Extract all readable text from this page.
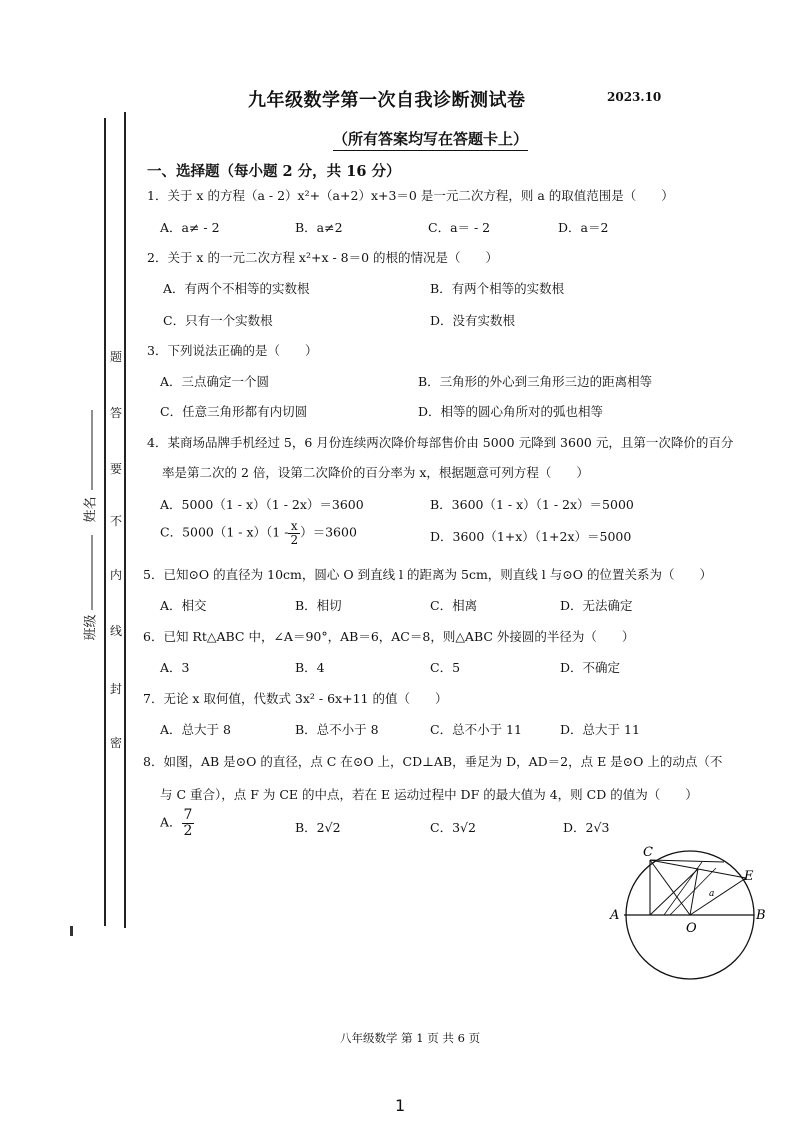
九年级数学第一次自我诊断测试卷	2023.10
（所有答案均写在答题卡上）
题
答
要
不
内
线
封
密
姓名
班级
一、选择题（每小题 2 分，共 16 分）
1．关于 x 的方程（a - 2）x²+（a+2）x+3＝0 是一元二次方程，则 a 的取值范围是（　　）
A．a≠ - 2	B．a≠2	C．a＝ - 2	D．a＝2
2．关于 x 的一元二次方程 x²+x - 8＝0 的根的情况是（　　）
A．有两个不相等的实数根	B．有两个相等的实数根
C．只有一个实数根	D．没有实数根
3．下列说法正确的是（　　）
A．三点确定一个圆	B．三角形的外心到三角形三边的距离相等
C．任意三角形都有内切圆	D．相等的圆心角所对的弧也相等
4．某商场品牌手机经过 5，6 月份连续两次降价每部售价由 5000 元降到 3600 元，且第一次降价的百分
率是第二次的 2 倍，设第二次降价的百分率为 x，根据题意可列方程（　　）
A．5000（1 - x）（1 - 2x）＝3600	B．3600（1 - x）（1 - 2x）＝5000
C．$5000(1 - x)(1 - \frac{x}{2} )=3600$	D．3600（1+x）（1+2x）＝5000
5．已知⊙O 的直径为 10cm，圆心 O 到直线 l 的距离为 5cm，则直线 l 与⊙O 的位置关系为（　　）
A．相交	B．相切	C．相离	D．无法确定
6．已知 Rt△ABC 中，∠A＝90°，AB＝6，AC＝8，则△ABC 外接圆的半径为（　　）
A．3	B．4	C．5	D．不确定
7．无论 x 取何值，代数式 3x² - 6x+11 的值（　　）
A．总大于 8	B．总不小于 8	C．总不小于 11	D．总大于 11
8．如图，AB 是⊙O 的直径，点 C 在⊙O 上，CD⊥AB，垂足为 D，AD＝2，点 E 是⊙O 上的动点（不
与 C 重合），点 F 为 CE 的中点，若在 E 运动过程中 DF 的最大值为 4，则 CD 的值为（　　）
A． $\frac{7}{2}$	B．2√2	C．3√2	D．2√3
C
E
A	B
O
a
八年级数学 第 1 页 共 6 页
1
